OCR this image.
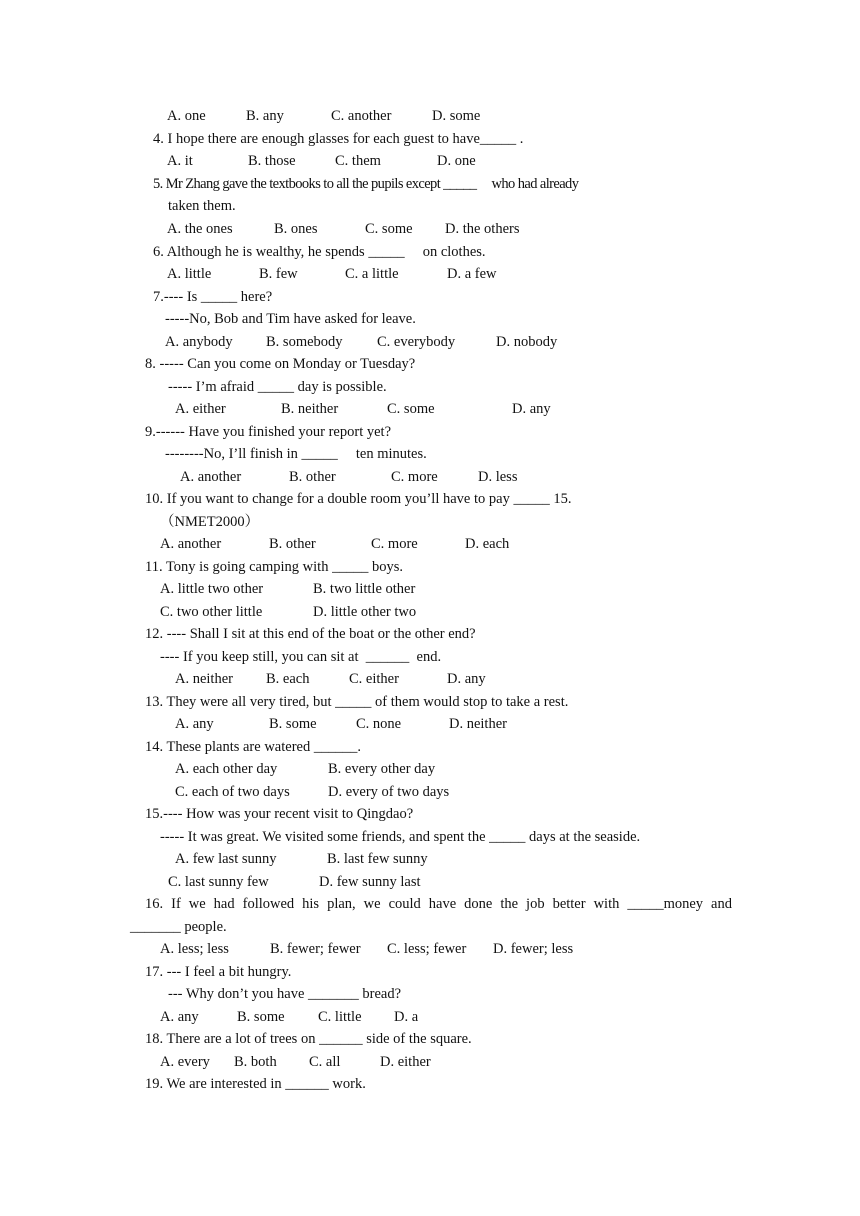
A. one	B. any	C. another	D. some
4. I hope there are enough glasses for each guest to have_____ .
A. it	B. those	C. them	D. one
5. Mr Zhang gave the textbooks to all the pupils except _____     who had already
taken them.
A. the ones	B. ones	C. some D. the others
6. Although he is wealthy, he spends _____     on clothes.
A. little	B. few	C. a little	D. a few
7.---- Is _____ here?
-----No, Bob and Tim have asked for leave.
A. anybody B. somebody C. everybody	D. nobody
8. ----- Can you come on Monday or Tuesday?
----- I’m afraid _____ day is possible.
A. either	B. neither	C. some	D. any
9.------ Have you finished your report yet?
--------No, I’ll finish in _____     ten minutes.
A. another	B. other	C. more	D. less
10. If you want to change for a double room you’ll have to pay _____ 15.
（NMET2000）
A. another	B. other	C. more	D. each
11. Tony is going camping with _____ boys.
A. little two other	B. two little other
C. two other little	D. little other two
12. ---- Shall I sit at this end of the boat or the other end?
---- If you keep still, you can sit at  ______  end.
A. neither B. each	C. either	D. any
13. They were all very tired, but _____ of them would stop to take a rest.
A. any	B. some	C. none	D. neither
14. These plants are watered ______.
A. each other day	B. every other day
C. each of two days	D. every of two days
15.---- How was your recent visit to Qingdao?
----- It was great. We visited some friends, and spent the _____ days at the seaside.
A. few last sunny	B. last few sunny
C. last sunny few	D. few sunny last
16. If we had followed his plan, we could have done the job better with _____money and
_______ people.
A. less; less	B. fewer; fewer C. less; fewer D. fewer; less
17. --- I feel a bit hungry.
--- Why don’t you have _______ bread?
A. any	B. some C. little D. a
18. There are a lot of trees on ______ side of the square.
A. every B. both C. all	D. either
19. We are interested in ______ work.
